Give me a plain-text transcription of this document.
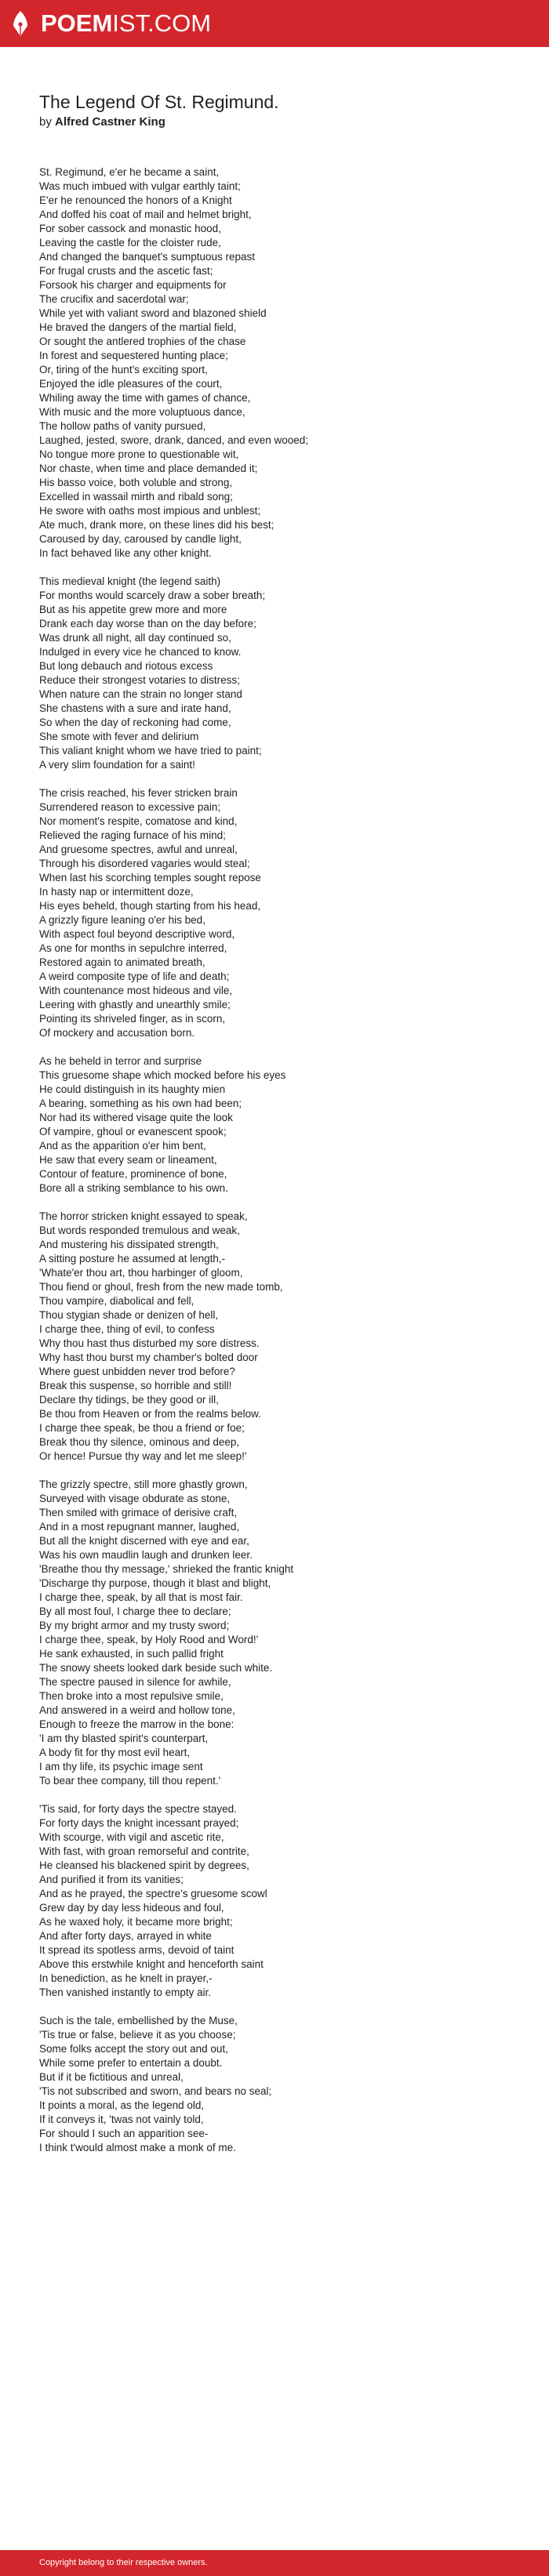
POEMIST.COM
The Legend Of St. Regimund.
by Alfred Castner King
St. Regimund, e'er he became a saint,
Was much imbued with vulgar earthly taint;
E'er he renounced the honors of a Knight
And doffed his coat of mail and helmet bright,
For sober cassock and monastic hood,
Leaving the castle for the cloister rude,
And changed the banquet's sumptuous repast
For frugal crusts and the ascetic fast;
Forsook his charger and equipments for
The crucifix and sacerdotal war;
While yet with valiant sword and blazoned shield
He braved the dangers of the martial field,
Or sought the antlered trophies of the chase
In forest and sequestered hunting place;
Or, tiring of the hunt's exciting sport,
Enjoyed the idle pleasures of the court,
Whiling away the time with games of chance,
With music and the more voluptuous dance,
The hollow paths of vanity pursued,
Laughed, jested, swore, drank, danced, and even wooed;
No tongue more prone to questionable wit,
Nor chaste, when time and place demanded it;
His basso voice, both voluble and strong,
Excelled in wassail mirth and ribald song;
He swore with oaths most impious and unblest;
Ate much, drank more, on these lines did his best;
Caroused by day, caroused by candle light,
In fact behaved like any other knight.
This medieval knight (the legend saith)
For months would scarcely draw a sober breath;
But as his appetite grew more and more
Drank each day worse than on the day before;
Was drunk all night, all day continued so,
Indulged in every vice he chanced to know.
But long debauch and riotous excess
Reduce their strongest votaries to distress;
When nature can the strain no longer stand
She chastens with a sure and irate hand,
So when the day of reckoning had come,
She smote with fever and delirium
This valiant knight whom we have tried to paint;
A very slim foundation for a saint!
The crisis reached, his fever stricken brain
Surrendered reason to excessive pain;
Nor moment's respite, comatose and kind,
Relieved the raging furnace of his mind;
And gruesome spectres, awful and unreal,
Through his disordered vagaries would steal;
When last his scorching temples sought repose
In hasty nap or intermittent doze,
His eyes beheld, though starting from his head,
A grizzly figure leaning o'er his bed,
With aspect foul beyond descriptive word,
As one for months in sepulchre interred,
Restored again to animated breath,
A weird composite type of life and death;
With countenance most hideous and vile,
Leering with ghastly and unearthly smile;
Pointing its shriveled finger, as in scorn,
Of mockery and accusation born.
As he beheld in terror and surprise
This gruesome shape which mocked before his eyes
He could distinguish in its haughty mien
A bearing, something as his own had been;
Nor had its withered visage quite the look
Of vampire, ghoul or evanescent spook;
And as the apparition o'er him bent,
He saw that every seam or lineament,
Contour of feature, prominence of bone,
Bore all a striking semblance to his own.
The horror stricken knight essayed to speak,
But words responded tremulous and weak,
And mustering his dissipated strength,
A sitting posture he assumed at length,-
'Whate'er thou art, thou harbinger of gloom,
Thou fiend or ghoul, fresh from the new made tomb,
Thou vampire, diabolical and fell,
Thou stygian shade or denizen of hell,
I charge thee, thing of evil, to confess
Why thou hast thus disturbed my sore distress.
Why hast thou burst my chamber's bolted door
Where guest unbidden never trod before?
Break this suspense, so horrible and still!
Declare thy tidings, be they good or ill,
Be thou from Heaven or from the realms below.
I charge thee speak, be thou a friend or foe;
Break thou thy silence, ominous and deep,
Or hence! Pursue thy way and let me sleep!'
The grizzly spectre, still more ghastly grown,
Surveyed with visage obdurate as stone,
Then smiled with grimace of derisive craft,
And in a most repugnant manner, laughed,
But all the knight discerned with eye and ear,
Was his own maudlin laugh and drunken leer.
'Breathe thou thy message,' shrieked the frantic knight
'Discharge thy purpose, though it blast and blight,
I charge thee, speak, by all that is most fair.
By all most foul, I charge thee to declare;
By my bright armor and my trusty sword;
I charge thee, speak, by Holy Rood and Word!'
He sank exhausted, in such pallid fright
The snowy sheets looked dark beside such white.
The spectre paused in silence for awhile,
Then broke into a most repulsive smile,
And answered in a weird and hollow tone,
Enough to freeze the marrow in the bone:
'I am thy blasted spirit's counterpart,
A body fit for thy most evil heart,
I am thy life, its psychic image sent
To bear thee company, till thou repent.'
'Tis said, for forty days the spectre stayed.
For forty days the knight incessant prayed;
With scourge, with vigil and ascetic rite,
With fast, with groan remorseful and contrite,
He cleansed his blackened spirit by degrees,
And purified it from its vanities;
And as he prayed, the spectre's gruesome scowl
Grew day by day less hideous and foul,
As he waxed holy, it became more bright;
And after forty days, arrayed in white
It spread its spotless arms, devoid of taint
Above this erstwhile knight and henceforth saint
In benediction, as he knelt in prayer,-
Then vanished instantly to empty air.
Such is the tale, embellished by the Muse,
'Tis true or false, believe it as you choose;
Some folks accept the story out and out,
While some prefer to entertain a doubt.
But if it be fictitious and unreal,
'Tis not subscribed and sworn, and bears no seal;
It points a moral, as the legend old,
If it conveys it, 'twas not vainly told,
For should I such an apparition see-
I think t'would almost make a monk of me.
Copyright belong to their respective owners.
